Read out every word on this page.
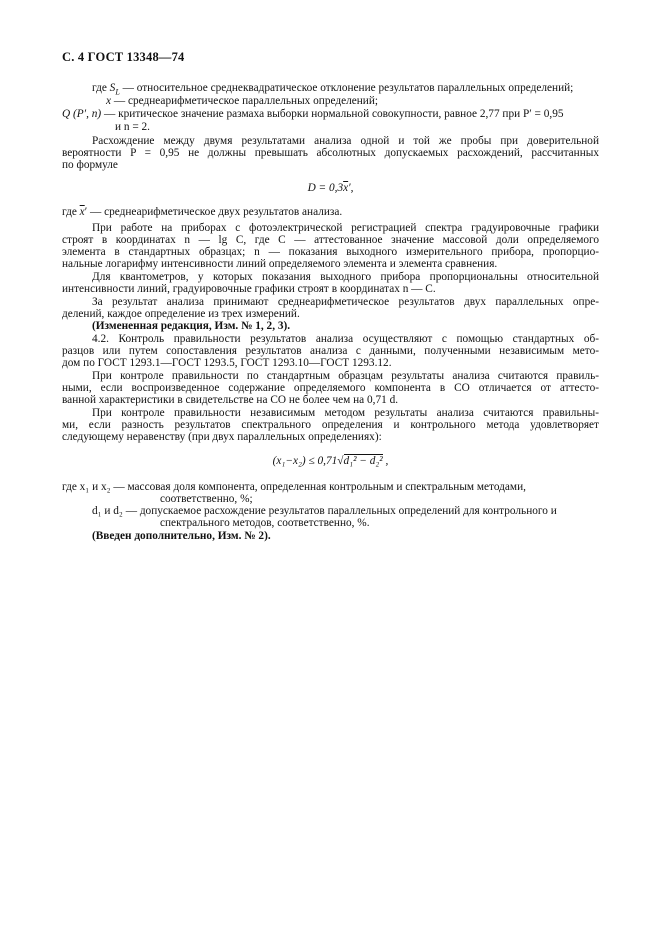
С. 4 ГОСТ 13348—74
где $S_L$ — относительное среднеквадратическое отклонение результатов параллельных определений;
x — среднеарифметическое параллельных определений;
Q (P′, n) — критическое значение размаха выборки нормальной совокупности, равное 2,77 при P′ = 0,95
и n = 2.
Расхождение между двумя результатами анализа одной и той же пробы при доверительной
вероятности P = 0,95 не должны превышать абсолютных допускаемых расхождений, рассчитанных
по формуле
$D = 0,3\overline{x}'$,
где $\overline{x}'$ — среднеарифметическое двух результатов анализа.
При работе на приборах с фотоэлектрической регистрацией спектра градуировочные графики
строят в координатах n — lg C, где C — аттестованное значение массовой доли определяемого
элемента в стандартных образцах; n — показания выходного измерительного прибора, пропорцио-
нальные логарифму интенсивности линий определяемого элемента и элемента сравнения.
Для квантометров, у которых показания выходного прибора пропорциональны относительной
интенсивности линий, градуировочные графики строят в координатах n — C.
За результат анализа принимают среднеарифметическое результатов двух параллельных опре-
делений, каждое определение из трех измерений.
(Измененная редакция, Изм. № 1, 2, 3).
4.2. Контроль правильности результатов анализа осуществляют с помощью стандартных об-
разцов или путем сопоставления результатов анализа с данными, полученными независимым мето-
дом по ГОСТ 1293.1—ГОСТ 1293.5, ГОСТ 1293.10—ГОСТ 1293.12.
При контроле правильности по стандартным образцам результаты анализа считаются правиль-
ными, если воспроизведенное содержание определяемого компонента в СО отличается от аттесто-
ванной характеристики в свидетельстве на СО не более чем на 0,71 d.
При контроле правильности независимым методом результаты анализа считаются правильны-
ми, если разность результатов спектрального определения и контрольного метода удовлетворяет
следующему неравенству (при двух параллельных определениях):
(x₁−x₂) ≤ 0,71√d₁² − d₂² ,
где x₁ и x₂ — массовая доля компонента, определенная контрольным и спектральным методами,
соответственно, %;
d₁ и d₂ — допускаемое расхождение результатов параллельных определений для контрольного и
спектрального методов, соответственно, %.
(Введен дополнительно, Изм. № 2).
